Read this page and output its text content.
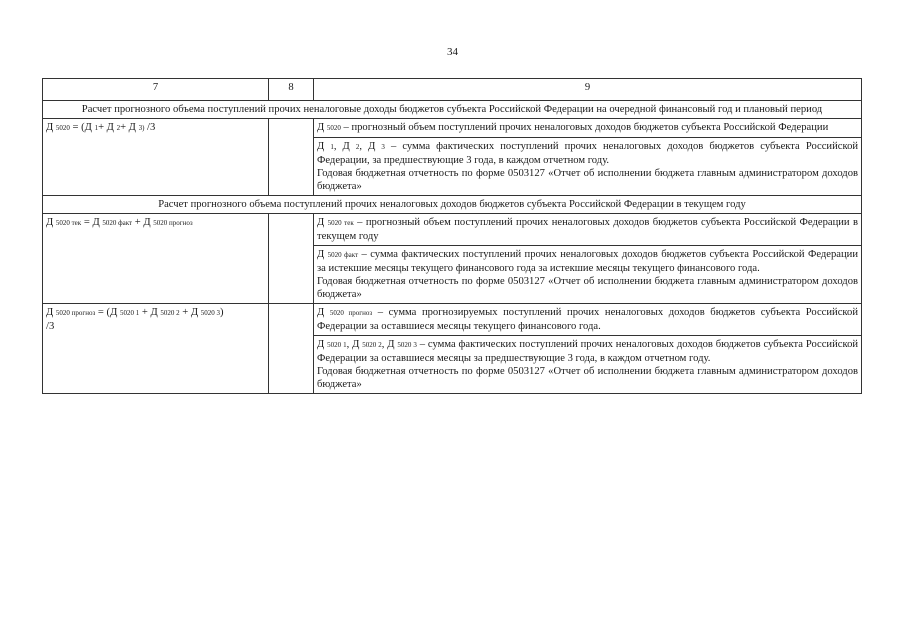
34
7	8	9
Расчет прогнозного объема поступлений прочих неналоговые доходы бюджетов субъекта Российской Федерации на очередной финансовый год и плановый период		
Д 5020 = (Д 1+ Д 2+ Д 3) /3		Д 5020 – прогнозный объем поступлений прочих неналоговых доходов бюджетов субъекта Российской Федерации
		Д 1, Д 2, Д 3 – сумма фактических поступлений прочих неналоговых доходов бюджетов субъекта Российской Федерации, за предшествующие 3 года, в каждом отчетном году.
Годовая бюджетная отчетность по форме 0503127 «Отчет об исполнении бюджета главным администратором доходов бюджета»
Расчет прогнозного объема поступлений прочих неналоговых доходов бюджетов субъекта Российской Федерации в текущем году		
Д 5020 тек = Д 5020 факт + Д 5020 прогноз		Д 5020 тек – прогнозный объем поступлений прочих неналоговых доходов бюджетов субъекта Российской Федерации в текущем году
		Д 5020 факт – сумма фактических поступлений прочих неналоговых доходов бюджетов субъекта Российской Федерации за истекшие месяцы текущего финансового года за истекшие месяцы текущего финансового года.
Годовая бюджетная отчетность по форме 0503127 «Отчет об исполнении бюджета главным администратором доходов бюджета»
Д 5020 прогноз = (Д 5020 1 + Д 5020 2 + Д 5020 3)
/3		Д 5020 прогноз – сумма прогнозируемых поступлений прочих неналоговых доходов бюджетов субъекта Российской Федерации за оставшиеся месяцы текущего финансового года.
		Д 5020 1, Д 5020 2, Д 5020 3 – сумма фактических поступлений прочих неналоговых доходов бюджетов субъекта Российской Федерации за оставшиеся месяцы за предшествующие 3 года, в каждом отчетном году.
Годовая бюджетная отчетность по форме 0503127 «Отчет об исполнении бюджета главным администратором доходов бюджета»
